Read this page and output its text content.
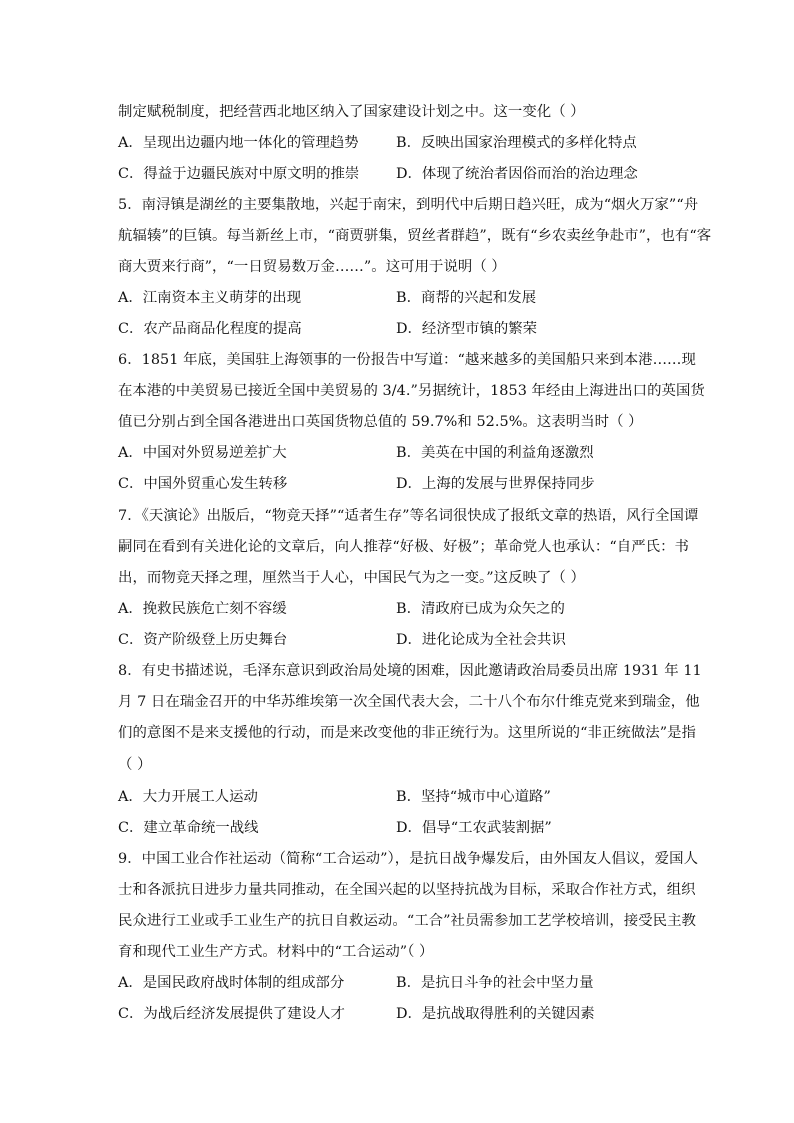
制定赋税制度，把经营西北地区纳入了国家建设计划之中。这一变化（ ）
A．呈现出边疆内地一体化的管理趋势	B．反映出国家治理模式的多样化特点
C．得益于边疆民族对中原文明的推崇	D．体现了统治者因俗而治的治边理念
5．南浔镇是湖丝的主要集散地，兴起于南宋，到明代中后期日趋兴旺，成为“烟火万家”“舟
航辐辏”的巨镇。每当新丝上市，“商贾骈集，贸丝者群趋”，既有“乡农卖丝争赴市”，也有“客
商大贾来行商”，“一日贸易数万金……”。这可用于说明（ ）
A．江南资本主义萌芽的出现	B．商帮的兴起和发展
C．农产品商品化程度的提高	D．经济型市镇的繁荣
6．1851 年底，美国驻上海领事的一份报告中写道：“越来越多的美国船只来到本港……现
在本港的中美贸易已接近全国中美贸易的 3/4.”另据统计，1853 年经由上海进出口的英国货
值已分别占到全国各港进出口英国货物总值的 59.7%和 52.5%。这表明当时（ ）
A．中国对外贸易逆差扩大	B．美英在中国的利益角逐激烈
C．中国外贸重心发生转移	D．上海的发展与世界保持同步
7．《天演论》出版后，“物竞天择”“适者生存”等名词很快成了报纸文章的热语，风行全国谭
嗣同在看到有关进化论的文章后，向人推荐“好极、好极”；革命党人也承认：“自严氏：书
出，而物竞天择之理，厘然当于人心，中国民气为之一变。”这反映了（ ）
A．挽救民族危亡刻不容缓	B．清政府已成为众矢之的
C．资产阶级登上历史舞台	D．进化论成为全社会共识
8．有史书描述说，毛泽东意识到政治局处境的困难，因此邀请政治局委员出席 1931 年 11
月 7 日在瑞金召开的中华苏维埃第一次全国代表大会，二十八个布尔什维克党来到瑞金，他
们的意图不是来支援他的行动，而是来改变他的非正统行为。这里所说的“非正统做法”是指
（ ）
A．大力开展工人运动	B．坚持“城市中心道路”
C．建立革命统一战线	D．倡导“工农武装割据”
9．中国工业合作社运动（简称“工合运动”），是抗日战争爆发后，由外国友人倡议，爱国人
士和各派抗日进步力量共同推动，在全国兴起的以坚持抗战为目标，采取合作社方式，组织
民众进行工业或手工业生产的抗日自救运动。“工合”社员需参加工艺学校培训，接受民主教
育和现代工业生产方式。材料中的“工合运动”（ ）
A．是国民政府战时体制的组成部分	B．是抗日斗争的社会中坚力量
C．为战后经济发展提供了建设人才	D．是抗战取得胜利的关键因素
